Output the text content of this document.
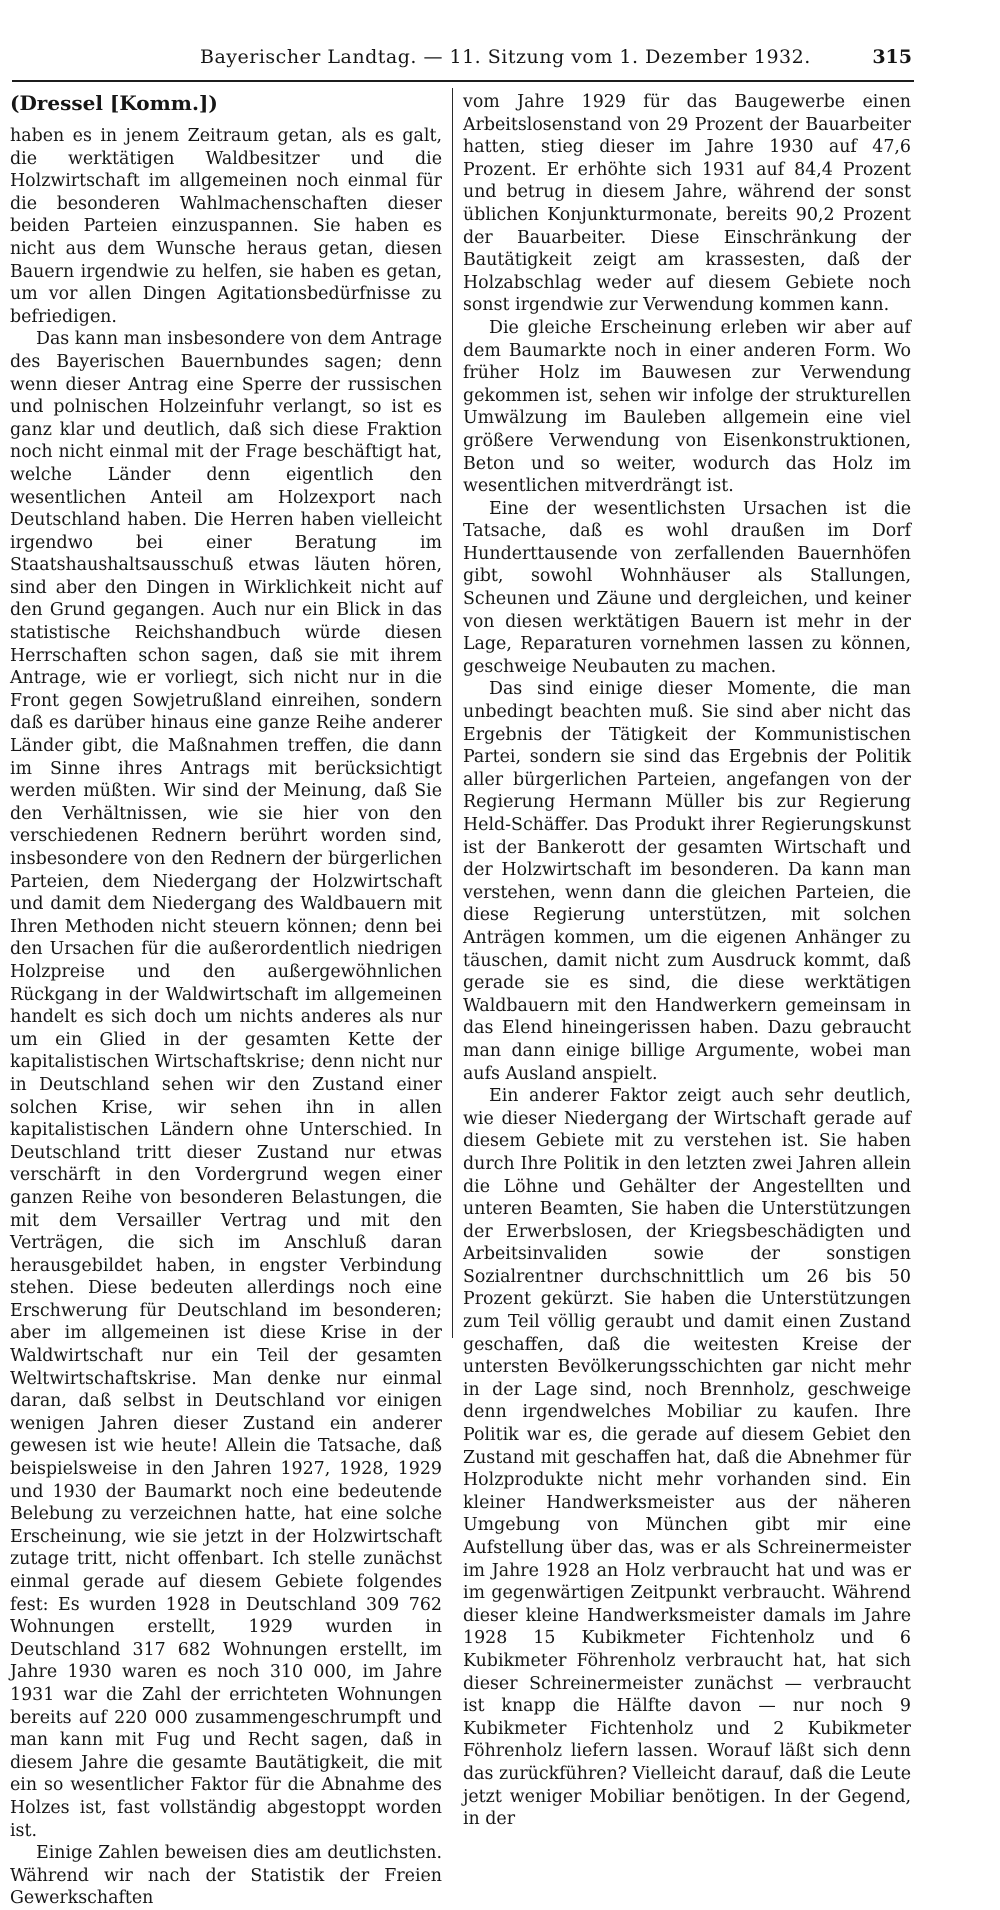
Bayerischer Landtag. — 11. Sitzung vom 1. Dezember 1932.	315
(Dressel [Komm.])

haben es in jenem Zeitraum getan, als es galt, die werktätigen Waldbesitzer und die Holzwirtschaft im allgemeinen noch einmal für die besonderen Wahlmachenschaften dieser beiden Parteien einzuspannen. Sie haben es nicht aus dem Wunsche heraus getan, diesen Bauern irgendwie zu helfen, sie haben es getan, um vor allen Dingen Agitationsbedürfnisse zu befriedigen.

Das kann man insbesondere von dem Antrage des Bayerischen Bauernbundes sagen; denn wenn dieser Antrag eine Sperre der russischen und polnischen Holzeinfuhr verlangt, so ist es ganz klar und deutlich, daß sich diese Fraktion noch nicht einmal mit der Frage beschäftigt hat, welche Länder denn eigentlich den wesentlichen Anteil am Holzexport nach Deutschland haben. Die Herren haben vielleicht irgendwo bei einer Beratung im Staatshaushaltsausschuß etwas läuten hören, sind aber den Dingen in Wirklichkeit nicht auf den Grund gegangen. Auch nur ein Blick in das statistische Reichshandbuch würde diesen Herrschaften schon sagen, daß sie mit ihrem Antrage, wie er vorliegt, sich nicht nur in die Front gegen Sowjetrußland einreihen, sondern daß es darüber hinaus eine ganze Reihe anderer Länder gibt, die Maßnahmen treffen, die dann im Sinne ihres Antrags mit berücksichtigt werden müßten. Wir sind der Meinung, daß Sie den Verhältnissen, wie sie hier von den verschiedenen Rednern berührt worden sind, insbesondere von den Rednern der bürgerlichen Parteien, dem Niedergang der Holzwirtschaft und damit dem Niedergang des Waldbauern mit Ihren Methoden nicht steuern können; denn bei den Ursachen für die außerordentlich niedrigen Holzpreise und den außergewöhnlichen Rückgang in der Waldwirtschaft im allgemeinen handelt es sich doch um nichts anderes als nur um ein Glied in der gesamten Kette der kapitalistischen Wirtschaftskrise; denn nicht nur in Deutschland sehen wir den Zustand einer solchen Krise, wir sehen ihn in allen kapitalistischen Ländern ohne Unterschied. In Deutschland tritt dieser Zustand nur etwas verschärft in den Vordergrund wegen einer ganzen Reihe von besonderen Belastungen, die mit dem Versailler Vertrag und mit den Verträgen, die sich im Anschluß daran herausgebildet haben, in engster Verbindung stehen. Diese bedeuten allerdings noch eine Erschwerung für Deutschland im besonderen; aber im allgemeinen ist diese Krise in der Waldwirtschaft nur ein Teil der gesamten Weltwirtschaftskrise. Man denke nur einmal daran, daß selbst in Deutschland vor einigen wenigen Jahren dieser Zustand ein anderer gewesen ist wie heute! Allein die Tatsache, daß beispielsweise in den Jahren 1927, 1928, 1929 und 1930 der Baumarkt noch eine bedeutende Belebung zu verzeichnen hatte, hat eine solche Erscheinung, wie sie jetzt in der Holzwirtschaft zutage tritt, nicht offenbart. Ich stelle zunächst einmal gerade auf diesem Gebiete folgendes fest: Es wurden 1928 in Deutschland 309 762 Wohnungen erstellt, 1929 wurden in Deutschland 317 682 Wohnungen erstellt, im Jahre 1930 waren es noch 310 000, im Jahre 1931 war die Zahl der errichteten Wohnungen bereits auf 220 000 zusammengeschrumpft und man kann mit Fug und Recht sagen, daß in diesem Jahre die gesamte Bautätigkeit, die mit ein so wesentlicher Faktor für die Abnahme des Holzes ist, fast vollständig abgestoppt worden ist.

Einige Zahlen beweisen dies am deutlichsten. Während wir nach der Statistik der Freien Gewerkschaften

vom Jahre 1929 für das Baugewerbe einen Arbeitslosenstand von 29 Prozent der Bauarbeiter hatten, stieg dieser im Jahre 1930 auf 47,6 Prozent. Er erhöhte sich 1931 auf 84,4 Prozent und betrug in diesem Jahre, während der sonst üblichen Konjunkturmonate, bereits 90,2 Prozent der Bauarbeiter. Diese Einschränkung der Bautätigkeit zeigt am krassesten, daß der Holzabschlag weder auf diesem Gebiete noch sonst irgendwie zur Verwendung kommen kann.

Die gleiche Erscheinung erleben wir aber auf dem Baumarkte noch in einer anderen Form. Wo früher Holz im Bauwesen zur Verwendung gekommen ist, sehen wir infolge der strukturellen Umwälzung im Bauleben allgemein eine viel größere Verwendung von Eisenkonstruktionen, Beton und so weiter, wodurch das Holz im wesentlichen mitverdrängt ist.

Eine der wesentlichsten Ursachen ist die Tatsache, daß es wohl draußen im Dorf Hunderttausende von zerfallenden Bauernhöfen gibt, sowohl Wohnhäuser als Stallungen, Scheunen und Zäune und dergleichen, und keiner von diesen werktätigen Bauern ist mehr in der Lage, Reparaturen vornehmen lassen zu können, geschweige Neubauten zu machen.

Das sind einige dieser Momente, die man unbedingt beachten muß. Sie sind aber nicht das Ergebnis der Tätigkeit der Kommunistischen Partei, sondern sie sind das Ergebnis der Politik aller bürgerlichen Parteien, angefangen von der Regierung Hermann Müller bis zur Regierung Held-Schäffer. Das Produkt ihrer Regierungskunst ist der Bankerott der gesamten Wirtschaft und der Holzwirtschaft im besonderen. Da kann man verstehen, wenn dann die gleichen Parteien, die diese Regierung unterstützen, mit solchen Anträgen kommen, um die eigenen Anhänger zu täuschen, damit nicht zum Ausdruck kommt, daß gerade sie es sind, die diese werktätigen Waldbauern mit den Handwerkern gemeinsam in das Elend hineingerissen haben. Dazu gebraucht man dann einige billige Argumente, wobei man aufs Ausland anspielt.

Ein anderer Faktor zeigt auch sehr deutlich, wie dieser Niedergang der Wirtschaft gerade auf diesem Gebiete mit zu verstehen ist. Sie haben durch Ihre Politik in den letzten zwei Jahren allein die Löhne und Gehälter der Angestellten und unteren Beamten, Sie haben die Unterstützungen der Erwerbslosen, der Kriegsbeschädigten und Arbeitsinvaliden sowie der sonstigen Sozialrentner durchschnittlich um 26 bis 50 Prozent gekürzt. Sie haben die Unterstützungen zum Teil völlig geraubt und damit einen Zustand geschaffen, daß die weitesten Kreise der untersten Bevölkerungsschichten gar nicht mehr in der Lage sind, noch Brennholz, geschweige denn irgendwelches Mobiliar zu kaufen. Ihre Politik war es, die gerade auf diesem Gebiet den Zustand mit geschaffen hat, daß die Abnehmer für Holzprodukte nicht mehr vorhanden sind. Ein kleiner Handwerksmeister aus der näheren Umgebung von München gibt mir eine Aufstellung über das, was er als Schreinermeister im Jahre 1928 an Holz verbraucht hat und was er im gegenwärtigen Zeitpunkt verbraucht. Während dieser kleine Handwerksmeister damals im Jahre 1928 15 Kubikmeter Fichtenholz und 6 Kubikmeter Föhrenholz verbraucht hat, hat sich dieser Schreinermeister zunächst — verbraucht ist knapp die Hälfte davon — nur noch 9 Kubikmeter Fichtenholz und 2 Kubikmeter Föhrenholz liefern lassen. Worauf läßt sich denn das zurückführen? Vielleicht darauf, daß die Leute jetzt weniger Mobiliar benötigen. In der Gegend, in der
